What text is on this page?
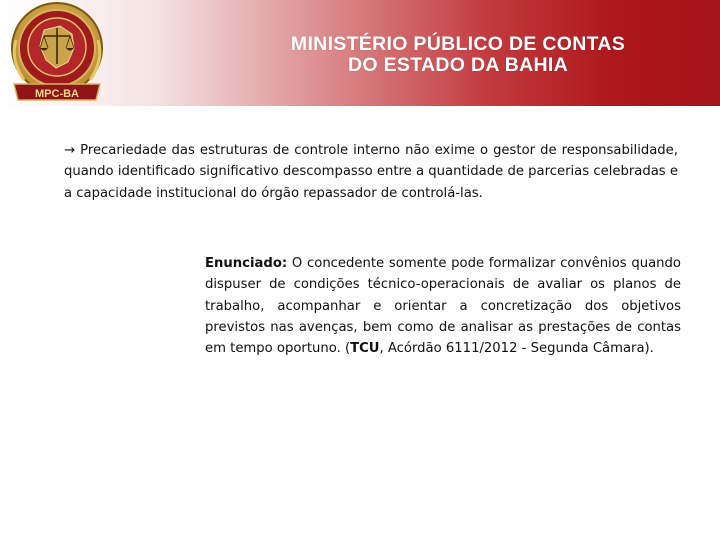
MPC-BA
MINISTÉRIO PÚBLICO DE CONTAS
DO ESTADO DA BAHIA
→ Precariedade das estruturas de controle interno não exime o gestor de responsabilidade, quando identificado significativo descompasso entre a quantidade de parcerias celebradas e a capacidade institucional do órgão repassador de controlá-las.
Enunciado: O concedente somente pode formalizar convênios quando dispuser de condições técnico-operacionais de avaliar os planos de trabalho, acompanhar e orientar a concretização dos objetivos previstos nas avenças, bem como de analisar as prestações de contas em tempo oportuno. (TCU, Acórdão 6111/2012 - Segunda Câmara).
